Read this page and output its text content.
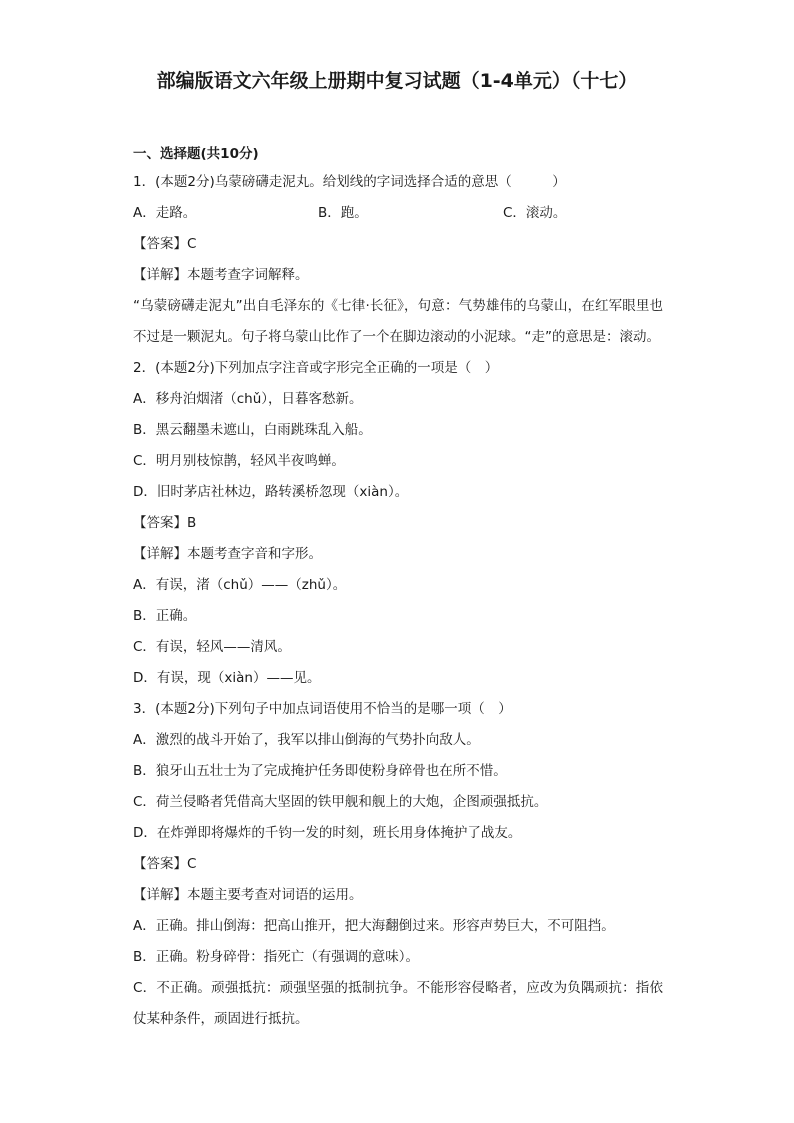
部编版语文六年级上册期中复习试题（1-4单元）（十七）
一、选择题(共10分)
1．(本题2分)乌蒙磅礴走泥丸。给划线的字词选择合适的意思（　　　）
A．走路。	B．跑。	C．滚动。
【答案】C
【详解】本题考查字词解释。
“乌蒙磅礴走泥丸”出自毛泽东的《七律·长征》，句意：气势雄伟的乌蒙山，在红军眼里也不过是一颗泥丸。句子将乌蒙山比作了一个在脚边滚动的小泥球。“走”的意思是：滚动。
2．(本题2分)下列加点字注音或字形完全正确的一项是（　）
A．移舟泊烟渚（chǔ），日暮客愁新。
B．黑云翻墨未遮山，白雨跳珠乱入船。
C．明月别枝惊鹊，轻风半夜鸣蝉。
D．旧时茅店社林边，路转溪桥忽现（xiàn）。
【答案】B
【详解】本题考查字音和字形。
A．有误，渚（chǔ）——（zhǔ）。
B．正确。
C．有误，轻风——清风。
D．有误，现（xiàn）——见。
3．(本题2分)下列句子中加点词语使用不恰当的是哪一项（　）
A．激烈的战斗开始了，我军以排山倒海的气势扑向敌人。
B．狼牙山五壮士为了完成掩护任务即使粉身碎骨也在所不惜。
C．荷兰侵略者凭借高大坚固的铁甲舰和舰上的大炮，企图顽强抵抗。
D．在炸弹即将爆炸的千钧一发的时刻，班长用身体掩护了战友。
【答案】C
【详解】本题主要考查对词语的运用。
A．正确。排山倒海：把高山推开，把大海翻倒过来。形容声势巨大，不可阻挡。
B．正确。粉身碎骨：指死亡（有强调的意味）。
C．不正确。顽强抵抗：顽强坚强的抵制抗争。不能形容侵略者，应改为负隅顽抗：指依仗某种条件，顽固进行抵抗。
